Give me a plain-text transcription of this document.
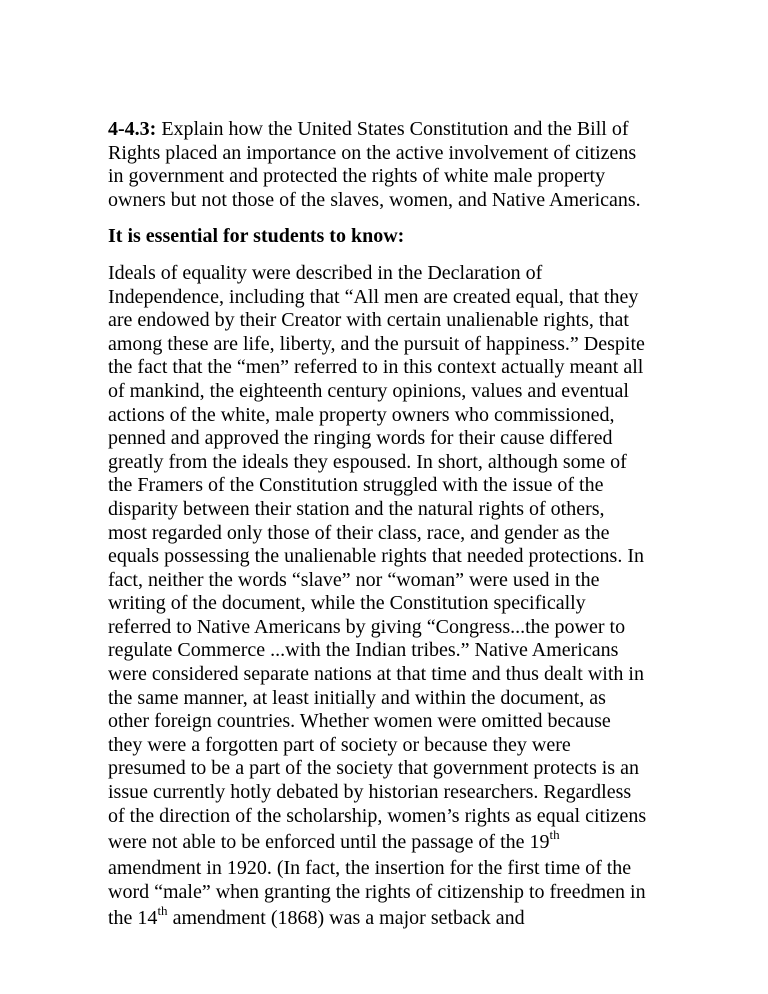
4-4.3: Explain how the United States Constitution and the Bill of
Rights placed an importance on the active involvement of citizens
in government and protected the rights of white male property
owners but not those of the slaves, women, and Native Americans.
It is essential for students to know:
Ideals of equality were described in the Declaration of
Independence, including that “All men are created equal, that they
are endowed by their Creator with certain unalienable rights, that
among these are life, liberty, and the pursuit of happiness.” Despite
the fact that the “men” referred to in this context actually meant all
of mankind, the eighteenth century opinions, values and eventual
actions of the white, male property owners who commissioned,
penned and approved the ringing words for their cause differed
greatly from the ideals they espoused. In short, although some of
the Framers of the Constitution struggled with the issue of the
disparity between their station and the natural rights of others,
most regarded only those of their class, race, and gender as the
equals possessing the unalienable rights that needed protections. In
fact, neither the words “slave” nor “woman” were used in the
writing of the document, while the Constitution specifically
referred to Native Americans by giving “Congress...the power to
regulate Commerce ...with the Indian tribes.” Native Americans
were considered separate nations at that time and thus dealt with in
the same manner, at least initially and within the document, as
other foreign countries. Whether women were omitted because
they were a forgotten part of society or because they were
presumed to be a part of the society that government protects is an
issue currently hotly debated by historian researchers. Regardless
of the direction of the scholarship, women’s rights as equal citizens
were not able to be enforced until the passage of the 19th
amendment in 1920. (In fact, the insertion for the first time of the
word “male” when granting the rights of citizenship to freedmen in
the 14th amendment (1868) was a major setback and
